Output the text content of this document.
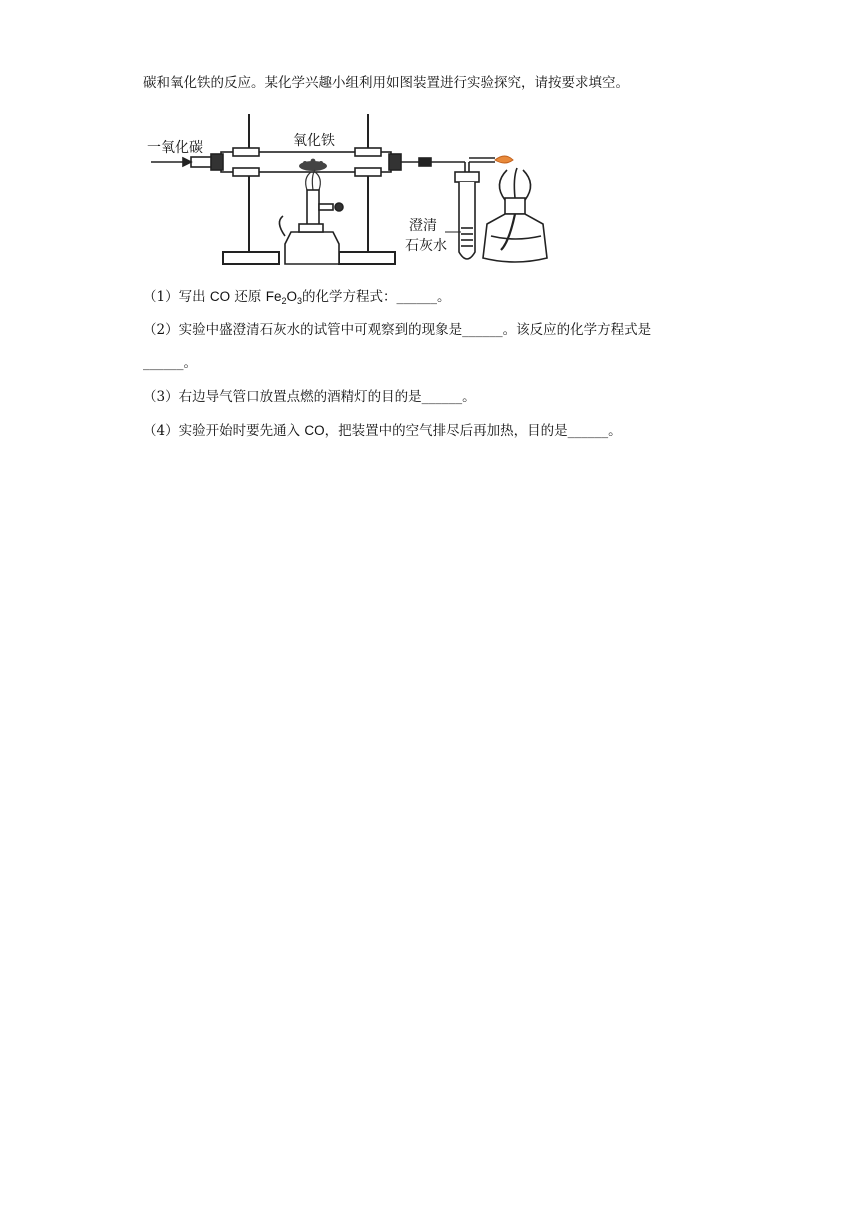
碳和氧化铁的反应。某化学兴趣小组利用如图装置进行实验探究，请按要求填空。
一氧化碳	氧化铁
澄清
石灰水
（1）写出 CO 还原 $Fe_2O_3$的化学方程式：______。
（2）实验中盛澄清石灰水的试管中可观察到的现象是______。该反应的化学方程式是
______。
（3）右边导气管口放置点燃的酒精灯的目的是______。
（4）实验开始时要先通入 CO，把装置中的空气排尽后再加热，目的是______。
